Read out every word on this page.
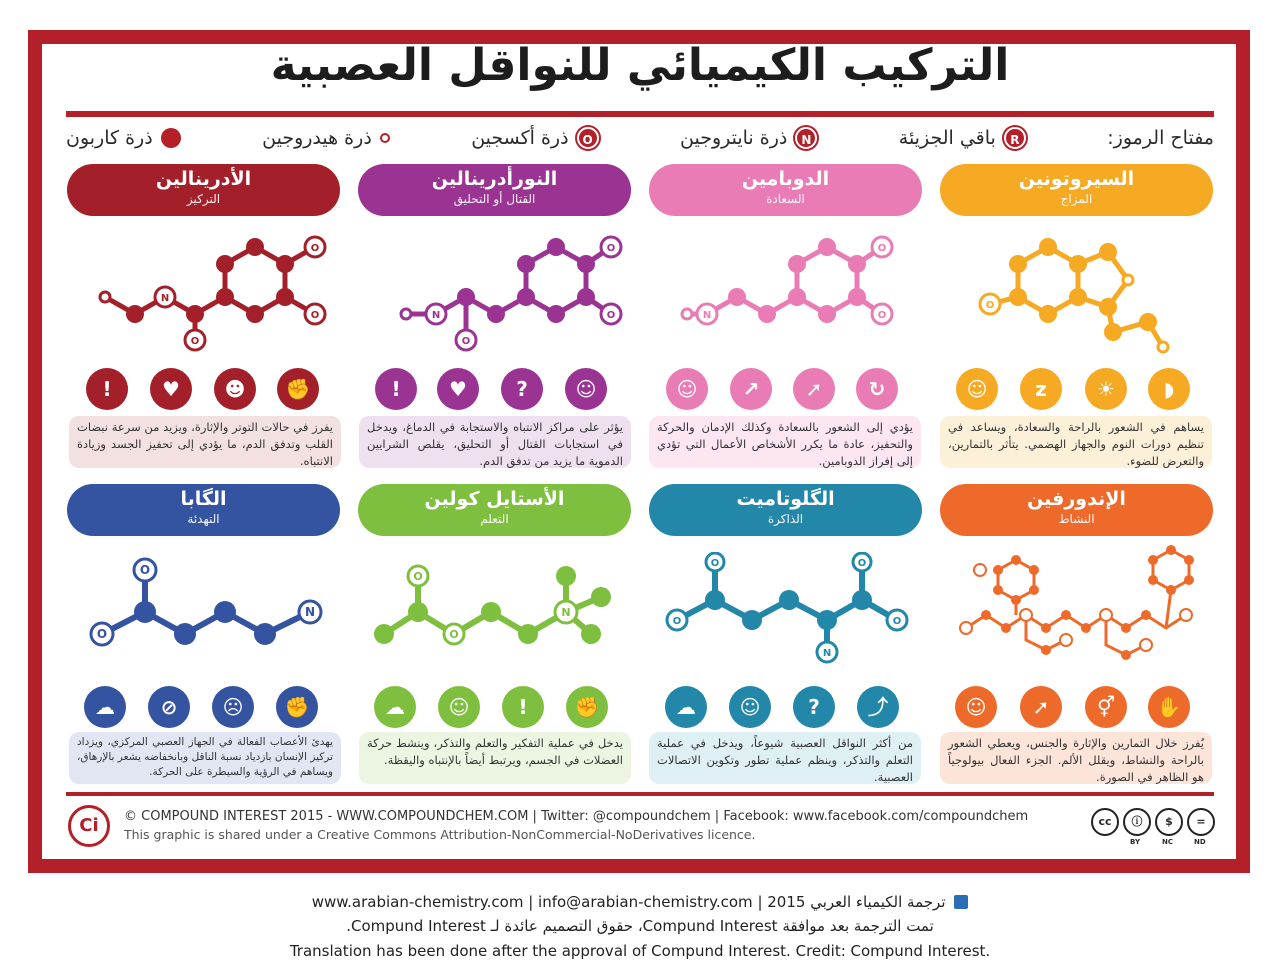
التركيب الكيميائي للنواقل العصبية
مفتاح الرموز:
R
باقي الجزيئة
N
ذرة نايتروجين
O
ذرة أكسجين
ذرة هيدروجين
ذرة كاربون
الأدرينالين
التركيز
النورأدرينالين
القتال أو التحليق
الدوبامين
السعادة
السيروتونين
المزاج
الگابا
التهدئة
الأستايل كولين
التعلم
الگلوتاميت
الذاكرة
الإندورفين
النشاط
N
O
O
O	N
O
O
O	N
O
O
O
O
O
N
O
O
N
O
O	O
O
N
!	♥	☻	✊	!	♥	?	☺	☺	↗	➚	↻	☺	z	☀	◗
☁	⊘	☹	✊	☁	☺	!	✊	☁	☺	?	⤴	☺	➚	⚥	✋
يفرز في حالات التوتر والإثارة، ويزيد من سرعة نبضات القلب وتدفق الدم، ما يؤدي إلى تحفيز الجسد وزيادة الانتباه.
يؤثر على مراكز الانتباه والاستجابة في الدماغ، ويدخل في استجابات القتال أو التحليق، يقلص الشرايين الدموية ما يزيد من تدفق الدم.
يؤدي إلى الشعور بالسعادة وكذلك الإدمان والحركة والتحفيز، عادة ما يكرر الأشخاص الأعمال التي تؤدي إلى إفراز الدوبامين.
يساهم في الشعور بالراحة والسعادة، ويساعد في تنظيم دورات النوم والجهاز الهضمي. يتأثر بالتمارين، والتعرض للضوء.
يهدئ الأعصاب الفعالة في الجهاز العصبي المركزي، ويزداد تركيز الإنسان بازدياد نسبة الناقل وبانخفاضه يشعر بالإرهاق، ويساهم في الرؤية والسيطرة على الحركة.
يدخل في عملية التفكير والتعلم والتذكر، وينشط حركة العضلات في الجسم، ويرتبط أيضاً بالإنتباه واليقظة.
من أكثر النواقل العصبية شيوعاً، ويدخل في عملية التعلم والتذكر، وينظم عملية تطور وتكوين الاتصالات العصبية.
يُفرز خلال التمارين والإثارة والجنس، ويعطي الشعور بالراحة والنشاط، ويقلل الألم. الجزء الفعال بيولوجياً هو الظاهر في الصورة.
Ci	© COMPOUND INTEREST 2015 - WWW.COMPOUNDCHEM.COM | Twitter: @compoundchem | Facebook: www.facebook.com/compoundchem
This graphic is shared under a Creative Commons Attribution-NonCommercial-NoDerivatives licence.
cc	ⓘ	$	=
BY	NC	ND
www.arabian-chemistry.com | info@arabian-chemistry.com | 2015 ترجمة الكيمياء العربي
تمت الترجمة بعد موافقة Compund Interest، حقوق التصميم عائدة لـ Compund Interest.
Translation has been done after the approval of Compund Interest. Credit: Compund Interest.
